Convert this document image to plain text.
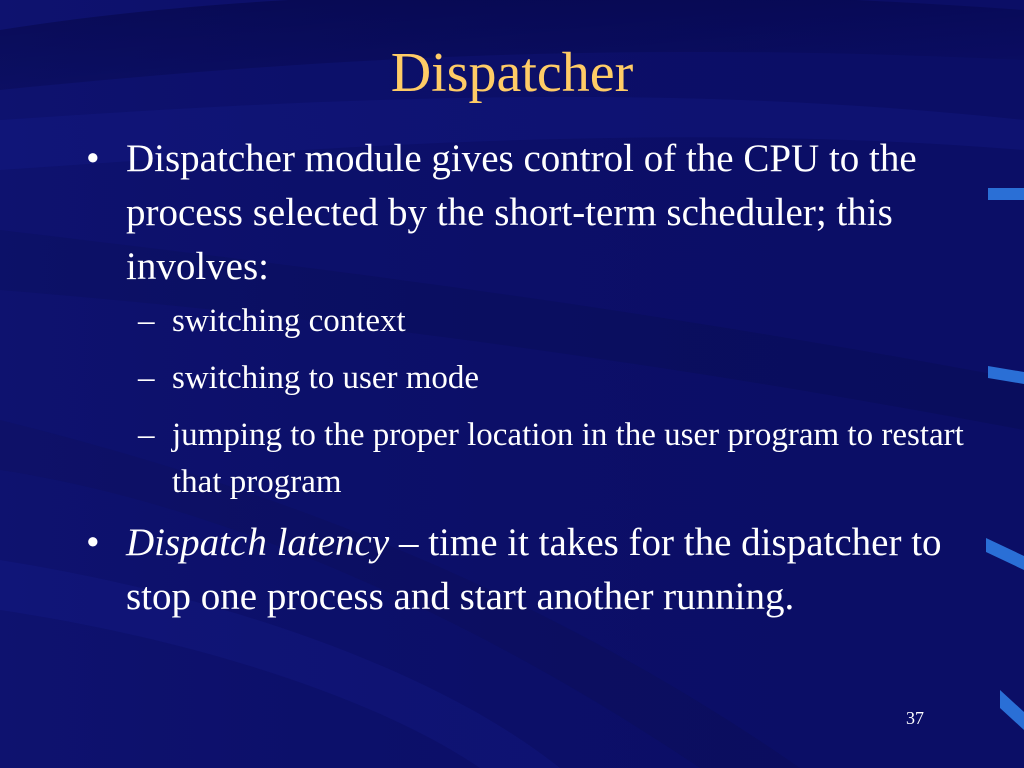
Dispatcher
• Dispatcher module gives control of the CPU to the process selected by the short-term scheduler; this involves:
– switching context
– switching to user mode
– jumping to the proper location in the user program to restart that program
• Dispatch latency – time it takes for the dispatcher to stop one process and start another running.
37
